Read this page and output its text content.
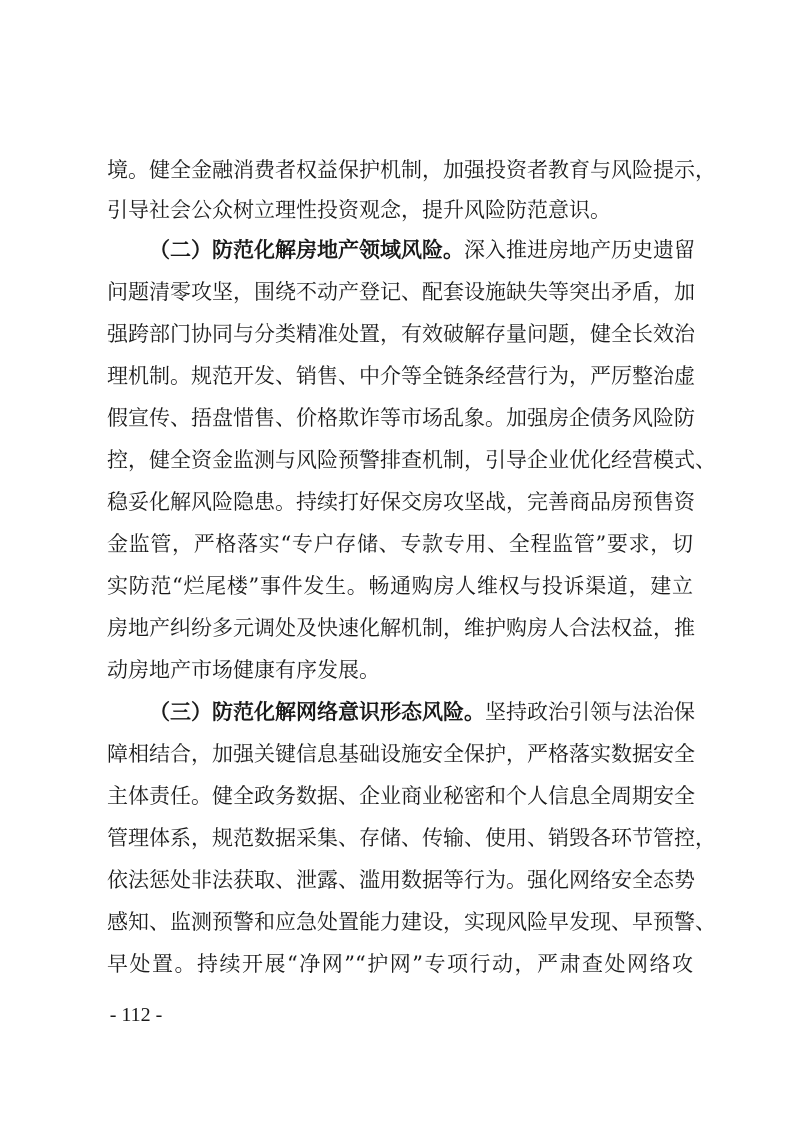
境。健全金融消费者权益保护机制，加强投资者教育与风险提示，
引导社会公众树立理性投资观念，提升风险防范意识。
（二）防范化解房地产领域风险。深入推进房地产历史遗留
问题清零攻坚，围绕不动产登记、配套设施缺失等突出矛盾，加
强跨部门协同与分类精准处置，有效破解存量问题，健全长效治
理机制。规范开发、销售、中介等全链条经营行为，严厉整治虚
假宣传、捂盘惜售、价格欺诈等市场乱象。加强房企债务风险防
控，健全资金监测与风险预警排查机制，引导企业优化经营模式、
稳妥化解风险隐患。持续打好保交房攻坚战，完善商品房预售资
金监管，严格落实“专户存储、专款专用、全程监管”要求，切
实防范“烂尾楼”事件发生。畅通购房人维权与投诉渠道，建立
房地产纠纷多元调处及快速化解机制，维护购房人合法权益，推
动房地产市场健康有序发展。
（三）防范化解网络意识形态风险。坚持政治引领与法治保
障相结合，加强关键信息基础设施安全保护，严格落实数据安全
主体责任。健全政务数据、企业商业秘密和个人信息全周期安全
管理体系，规范数据采集、存储、传输、使用、销毁各环节管控，
依法惩处非法获取、泄露、滥用数据等行为。强化网络安全态势
感知、监测预警和应急处置能力建设，实现风险早发现、早预警、
早处置。持续开展“净网”“护网”专项行动，严肃查处网络攻
- 112 -
